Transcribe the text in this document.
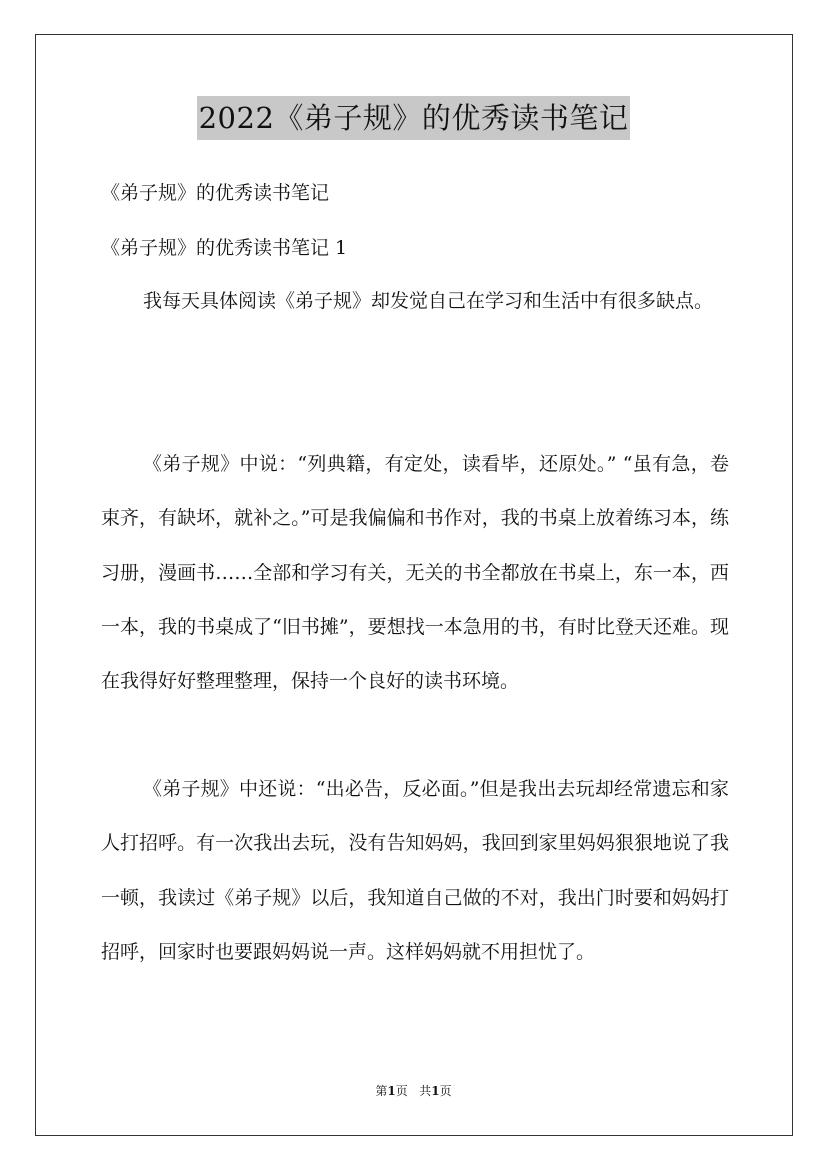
2022《弟子规》的优秀读书笔记
《弟子规》的优秀读书笔记
《弟子规》的优秀读书笔记 1
我每天具体阅读《弟子规》却发觉自己在学习和生活中有很多缺点。
《弟子规》中说：“列典籍，有定处，读看毕，还原处。” “虽有急，卷束齐，有缺坏，就补之。”可是我偏偏和书作对，我的书桌上放着练习本，练习册，漫画书……全部和学习有关，无关的书全都放在书桌上，东一本，西一本，我的书桌成了“旧书摊”，要想找一本急用的书，有时比登天还难。现在我得好好整理整理，保持一个良好的读书环境。
《弟子规》中还说：“出必告，反必面。”但是我出去玩却经常遗忘和家人打招呼。有一次我出去玩，没有告知妈妈，我回到家里妈妈狠狠地说了我一顿，我读过《弟子规》以后，我知道自己做的不对，我出门时要和妈妈打招呼，回家时也要跟妈妈说一声。这样妈妈就不用担忧了。
第1页 共1页
